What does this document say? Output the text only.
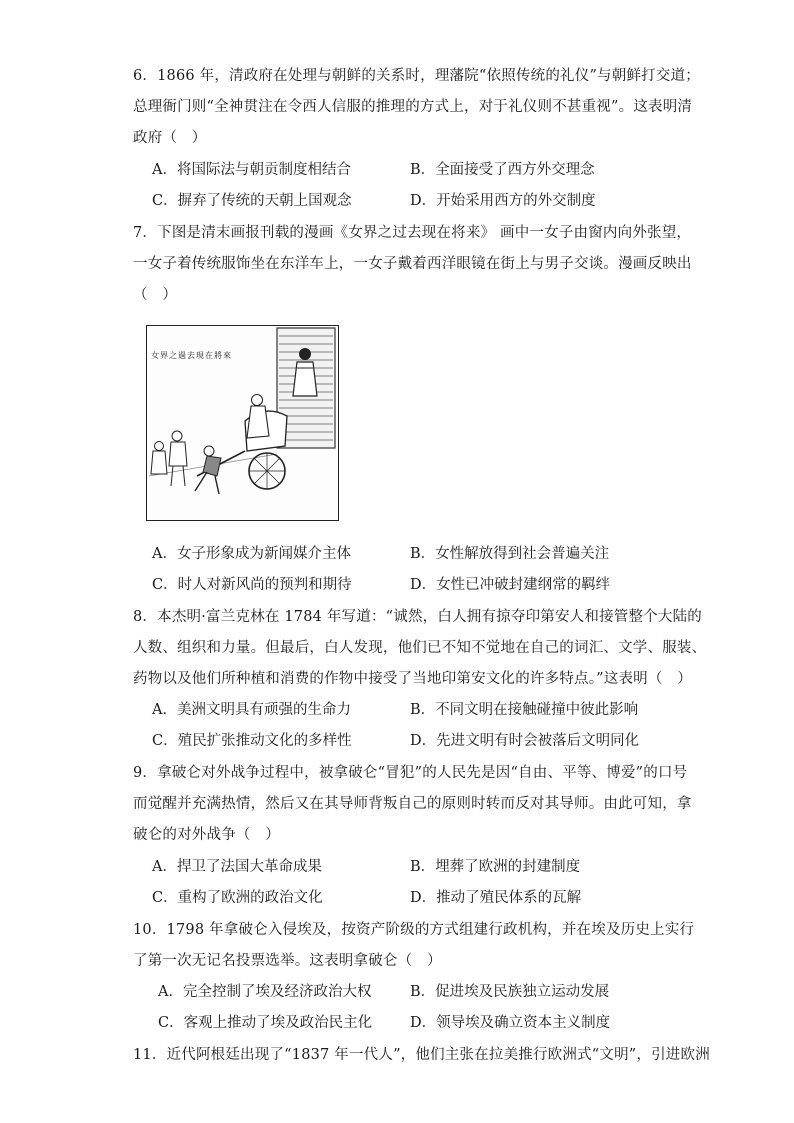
6．1866 年，清政府在处理与朝鲜的关系时，理藩院“依照传统的礼仪”与朝鲜打交道；
总理衙门则“全神贯注在令西人信服的推理的方式上，对于礼仪则不甚重视”。这表明清
政府（　）
A．将国际法与朝贡制度相结合	B．全面接受了西方外交理念
C．摒弃了传统的天朝上国观念	D．开始采用西方的外交制度
7．下图是清末画报刊载的漫画《女界之过去现在将来》 画中一女子由窗内向外张望，
一女子着传统服饰坐在东洋车上，一女子戴着西洋眼镜在街上与男子交谈。漫画反映出
（　）
女界之過去現在將來
A．女子形象成为新闻媒介主体	B．女性解放得到社会普遍关注
C．时人对新风尚的预判和期待	D．女性已冲破封建纲常的羁绊
8．本杰明·富兰克林在 1784 年写道：“诚然，白人拥有掠夺印第安人和接管整个大陆的
人数、组织和力量。但最后，白人发现，他们已不知不觉地在自己的词汇、文学、服装、
药物以及他们所种植和消费的作物中接受了当地印第安文化的许多特点。”这表明（　）
A．美洲文明具有顽强的生命力	B．不同文明在接触碰撞中彼此影响
C．殖民扩张推动文化的多样性	D．先进文明有时会被落后文明同化
9．拿破仑对外战争过程中，被拿破仑“冒犯”的人民先是因“自由、平等、博爱”的口号
而觉醒并充满热情，然后又在其导师背叛自己的原则时转而反对其导师。由此可知，拿
破仑的对外战争（　）
A．捍卫了法国大革命成果	B．埋葬了欧洲的封建制度
C．重构了欧洲的政治文化	D．推动了殖民体系的瓦解
10．1798 年拿破仑入侵埃及，按资产阶级的方式组建行政机构，并在埃及历史上实行
了第一次无记名投票选举。这表明拿破仑（　）
A．完全控制了埃及经济政治大权	B．促进埃及民族独立运动发展
C．客观上推动了埃及政治民主化	D．领导埃及确立资本主义制度
11．近代阿根廷出现了“1837 年一代人”，他们主张在拉美推行欧洲式“文明”，引进欧洲
